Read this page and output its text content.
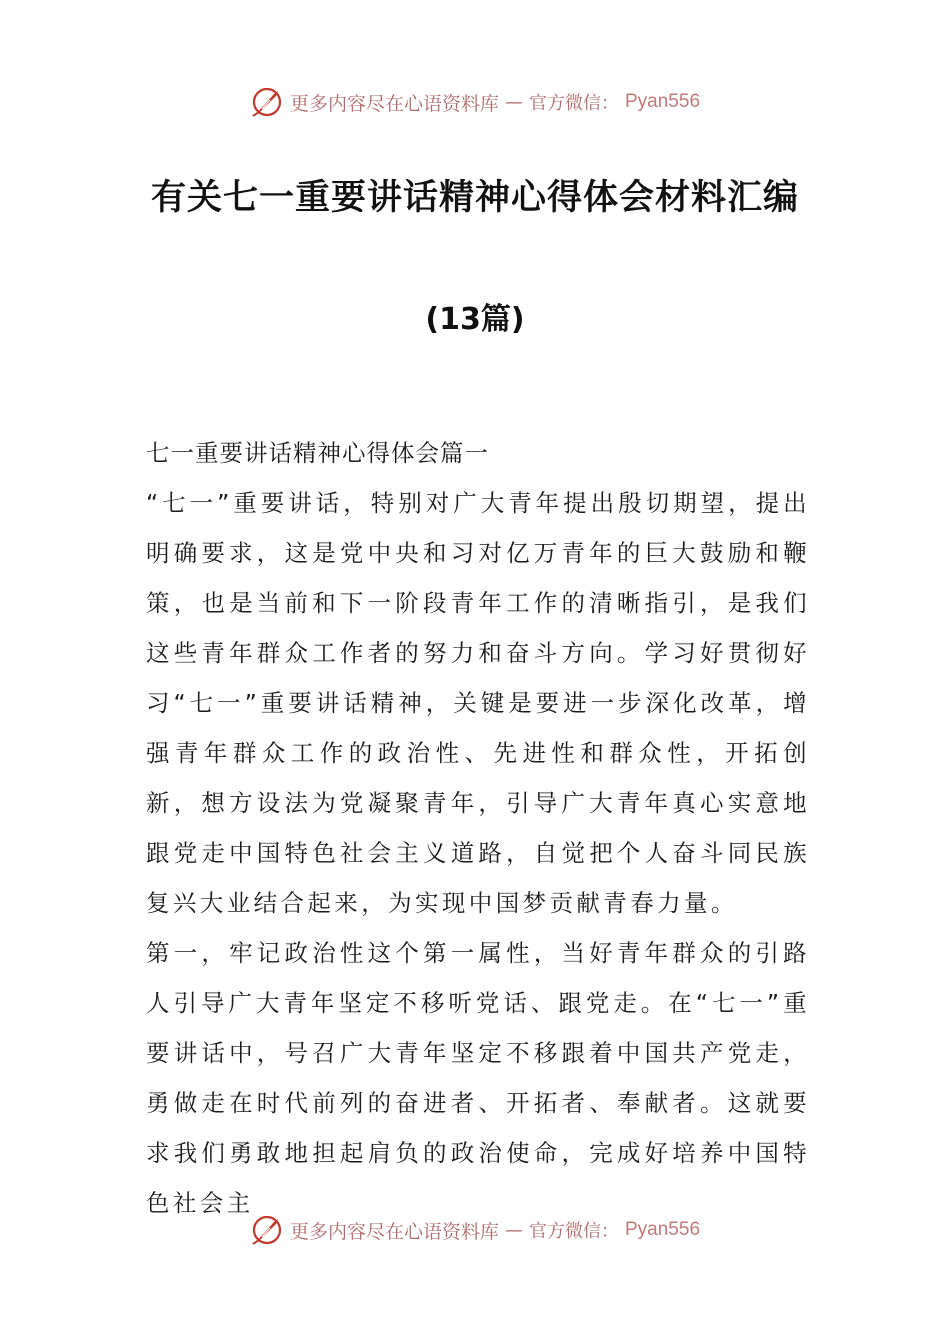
更多内容尽在心语资料库 — 官方微信： Pyan556
有关七一重要讲话精神心得体会材料汇编
(13篇)

七一重要讲话精神心得体会篇一

“七一”重要讲话，特别对广大青年提出殷切期望，提出明确要求，这是党中央和习对亿万青年的巨大鼓励和鞭策，也是当前和下一阶段青年工作的清晰指引，是我们这些青年群众工作者的努力和奋斗方向。学习好贯彻好习“七一”重要讲话精神，关键是要进一步深化改革，增强青年群众工作的政治性、先进性和群众性，开拓创新，想方设法为党凝聚青年，引导广大青年真心实意地跟党走中国特色社会主义道路，自觉把个人奋斗同民族复兴大业结合起来，为实现中国梦贡献青春力量。

第一，牢记政治性这个第一属性，当好青年群众的引路人引导广大青年坚定不移听党话、跟党走。在“七一”重要讲话中，号召广大青年坚定不移跟着中国共产党走，勇做走在时代前列的奋进者、开拓者、奉献者。这就要求我们勇敢地担起肩负的政治使命，完成好培养中国特色社会主

更多内容尽在心语资料库 — 官方微信： Pyan556
